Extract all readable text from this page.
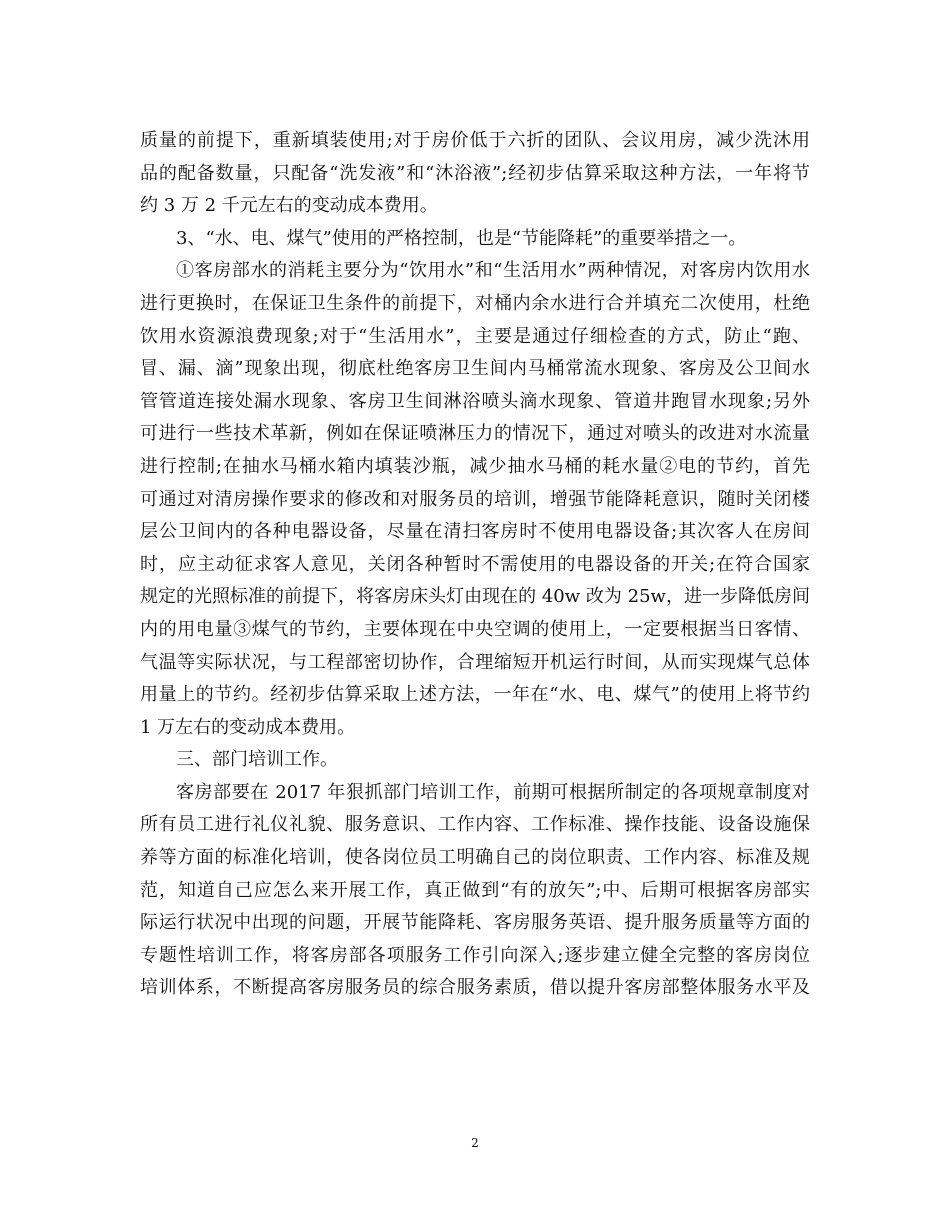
质量的前提下，重新填装使用;对于房价低于六折的团队、会议用房，减少洗沐用
品的配备数量，只配备“洗发液”和“沐浴液”;经初步估算采取这种方法，一年将节
约 3 万 2 千元左右的变动成本费用。
3、“水、电、煤气”使用的严格控制，也是“节能降耗”的重要举措之一。
①客房部水的消耗主要分为“饮用水”和“生活用水”两种情况，对客房内饮用水
进行更换时，在保证卫生条件的前提下，对桶内余水进行合并填充二次使用，杜绝
饮用水资源浪费现象;对于“生活用水”，主要是通过仔细检查的方式，防止“跑、
冒、漏、滴”现象出现，彻底杜绝客房卫生间内马桶常流水现象、客房及公卫间水
管管道连接处漏水现象、客房卫生间淋浴喷头滴水现象、管道井跑冒水现象;另外
可进行一些技术革新，例如在保证喷淋压力的情况下，通过对喷头的改进对水流量
进行控制;在抽水马桶水箱内填装沙瓶，减少抽水马桶的耗水量②电的节约，首先
可通过对清房操作要求的修改和对服务员的培训，增强节能降耗意识，随时关闭楼
层公卫间内的各种电器设备，尽量在清扫客房时不使用电器设备;其次客人在房间
时，应主动征求客人意见，关闭各种暂时不需使用的电器设备的开关;在符合国家
规定的光照标准的前提下，将客房床头灯由现在的 40w 改为 25w，进一步降低房间
内的用电量③煤气的节约，主要体现在中央空调的使用上，一定要根据当日客情、
气温等实际状况，与工程部密切协作，合理缩短开机运行时间，从而实现煤气总体
用量上的节约。经初步估算采取上述方法，一年在“水、电、煤气”的使用上将节约
1 万左右的变动成本费用。
三、部门培训工作。
客房部要在 2017 年狠抓部门培训工作，前期可根据所制定的各项规章制度对
所有员工进行礼仪礼貌、服务意识、工作内容、工作标准、操作技能、设备设施保
养等方面的标准化培训，使各岗位员工明确自己的岗位职责、工作内容、标准及规
范，知道自己应怎么来开展工作，真正做到“有的放矢”;中、后期可根据客房部实
际运行状况中出现的问题，开展节能降耗、客房服务英语、提升服务质量等方面的
专题性培训工作，将客房部各项服务工作引向深入;逐步建立健全完整的客房岗位
培训体系，不断提高客房服务员的综合服务素质，借以提升客房部整体服务水平及
2
